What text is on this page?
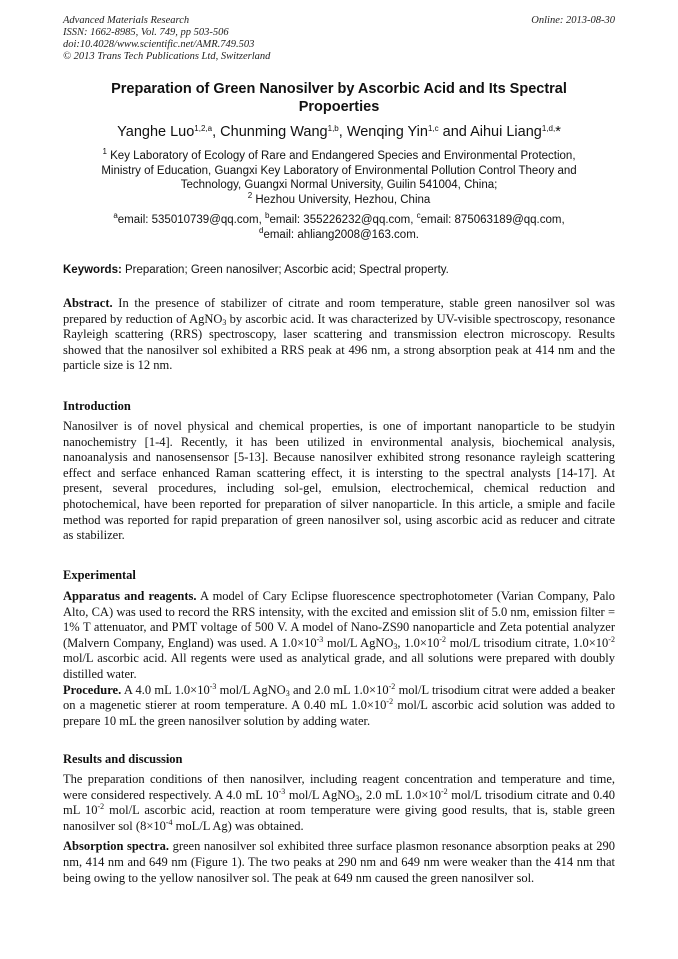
Advanced Materials Research
ISSN: 1662-8985, Vol. 749, pp 503-506
doi:10.4028/www.scientific.net/AMR.749.503
© 2013 Trans Tech Publications Ltd, Switzerland
Online: 2013-08-30
Preparation of Green Nanosilver by Ascorbic Acid and Its Spectral
Propoerties
Yanghe Luo$^{1,2,a}$, Chunming Wang$^{1,b}$, Wenqing Yin$^{1,c}$ and Aihui Liang$^{1,d,}$*
$^1$ Key Laboratory of Ecology of Rare and Endangered Species and Environmental Protection,
Ministry of Education, Guangxi Key Laboratory of Environmental Pollution Control Theory and
Technology, Guangxi Normal University, Guilin 541004, China;
$^2$ Hezhou University, Hezhou, China
$^a$email: 535010739@qq.com, $^b$email: 355226232@qq.com, $^c$email: 875063189@qq.com,
$^d$email: ahliang2008@163.com.
Keywords: Preparation; Green nanosilver; Ascorbic acid; Spectral property.

Abstract. In the presence of stabilizer of citrate and room temperature, stable green nanosilver sol was prepared by reduction of AgNO$_3$ by ascorbic acid. It was characterized by UV-visible spectroscopy, resonance Rayleigh scattering (RRS) spectroscopy, laser scattering and transmission electron microscopy. Results showed that the nanosilver sol exhibited a RRS peak at 496 nm, a strong absorption peak at 414 nm and the particle size is 12 nm.

Introduction

Nanosilver is of novel physical and chemical properties, is one of important nanoparticle to be studyin nanochemistry [1-4]. Recently, it has been utilized in environmental analysis, biochemical analysis, nanoanalysis and nanosensensor [5-13]. Because nanosilver exhibited strong resonance rayleigh scattering effect and serface enhanced Raman scattering effect, it is intersting to the spectral analysts [14-17]. At present, several procedures, including sol-gel, emulsion, electrochemical, chemical reduction and photochemical, have been reported for preparation of silver nanoparticle. In this article, a smiple and facile method was reported for rapid preparation of green nanosilver sol, using ascorbic acid as reducer and citrate as stabilizer.

Experimental

Apparatus and reagents. A model of Cary Eclipse fluorescence spectrophotometer (Varian Company, Palo Alto, CA) was used to record the RRS intensity, with the excited and emission slit of 5.0 nm, emission filter = 1% T attenuator, and PMT voltage of 500 V. A model of Nano-ZS90 nanoparticle and Zeta potential analyzer (Malvern Company, England) was used. A $1.0\times 10^{-3}$ mol/L AgNO$_3$, $1.0\times 10^{-2}$ mol/L trisodium citrate, $1.0\times 10^{-2}$ mol/L ascorbic acid. All regents were used as analytical grade, and all solutions were prepared with doubly distilled water.

Procedure. A 4.0 mL $1.0\times 10^{-3}$ mol/L AgNO$_3$ and 2.0 mL $1.0\times 10^{-2}$ mol/L trisodium citrat were added a beaker on a magenetic stierer at room temperature. A 0.40 mL $1.0\times 10^{-2}$ mol/L ascorbic acid solution was added to prepare 10 mL the green nanosilver solution by adding water.

Results and discussion

The preparation conditions of then nanosilver, including reagent concentration and temperature and time, were considered respectively. A 4.0 mL $10^{-3}$ mol/L AgNO$_3$, 2.0 mL $1.0\times 10^{-2}$ mol/L trisodium citrate and 0.40 mL $10^{-2}$ mol/L ascorbic acid, reaction at room temperature were giving good results, that is, stable green nanosilver sol ($8\times 10^{-4}$ moL/L Ag) was obtained.

Absorption spectra. green nanosilver sol exhibited three surface plasmon resonance absorption peaks at 290 nm, 414 nm and 649 nm (Figure 1). The two peaks at 290 nm and 649 nm were weaker than the 414 nm that being owing to the yellow nanosilver sol. The peak at 649 nm caused the green nanosilver sol.
